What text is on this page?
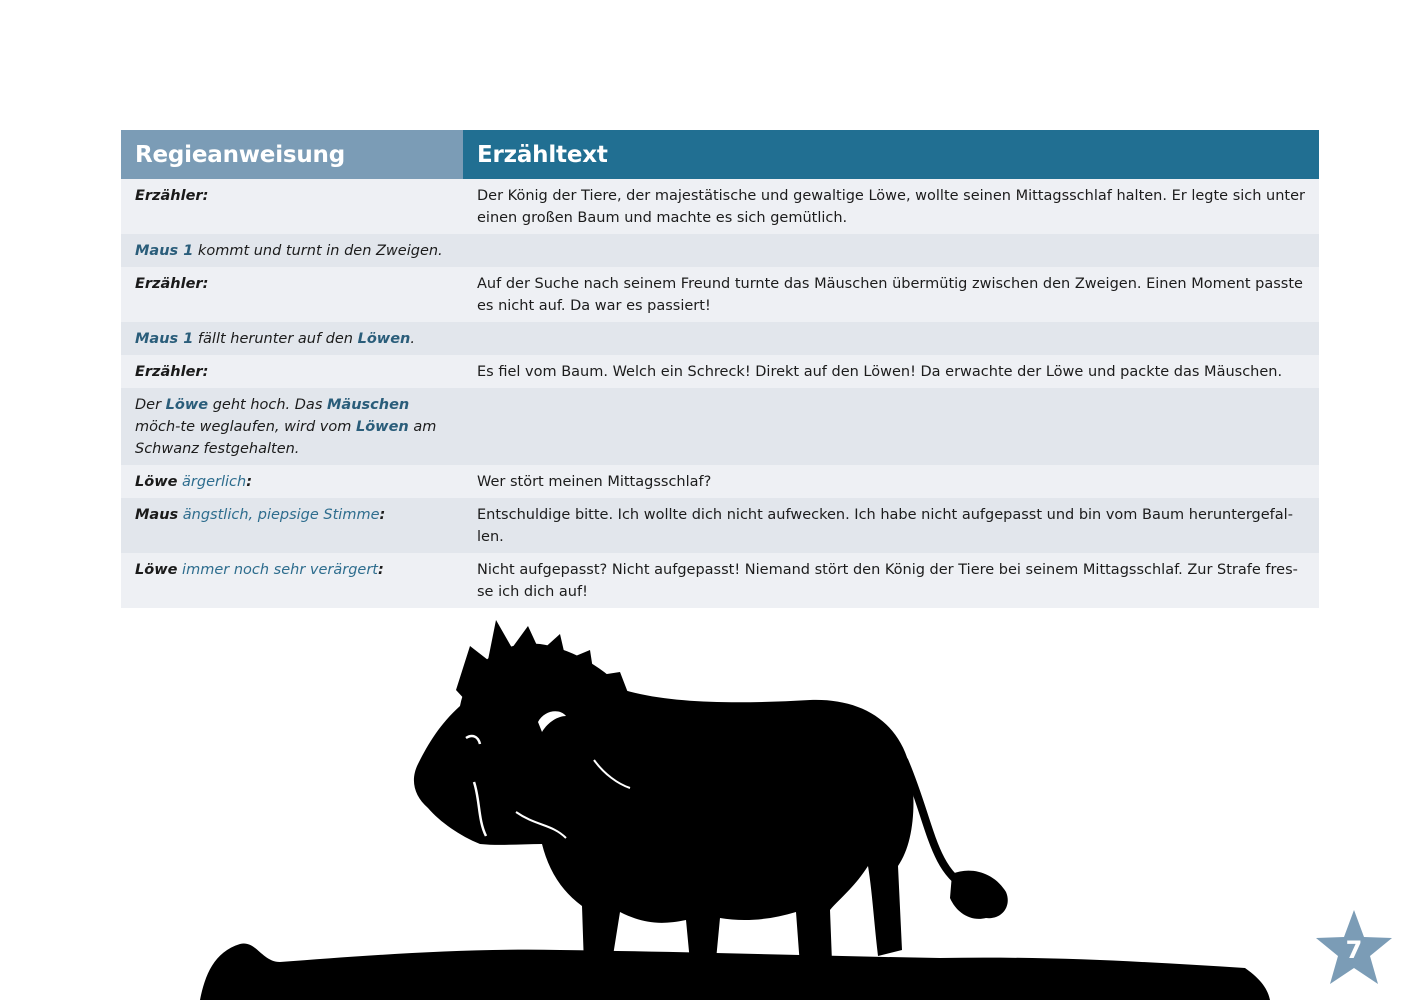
Regieanweisung	Erzähltext
Erzähler:	Der König der Tiere, der majestätische und gewaltige Löwe, wollte seinen Mittagsschlaf halten. Er legte sich unter einen großen Baum und machte es sich gemütlich.
Maus 1 kommt und turnt in den Zweigen.	
Erzähler:	Auf der Suche nach seinem Freund turnte das Mäuschen übermütig zwischen den Zweigen. Einen Moment passte es nicht auf. Da war es passiert!
Maus 1 fällt herunter auf den Löwen.	
Erzähler:	Es fiel vom Baum. Welch ein Schreck! Direkt auf den Löwen! Da erwachte der Löwe und packte das Mäuschen.
Der Löwe geht hoch. Das Mäuschen möch-te weglaufen, wird vom Löwen am Schwanz festgehalten.	
Löwe ärgerlich:	Wer stört meinen Mittagsschlaf?
Maus ängstlich, piepsige Stimme:	Entschuldige bitte. Ich wollte dich nicht aufwecken. Ich habe nicht aufgepasst und bin vom Baum heruntergefal-len.
Löwe immer noch sehr verärgert:	Nicht aufgepasst? Nicht aufgepasst! Niemand stört den König der Tiere bei seinem Mittagsschlaf. Zur Strafe fres-se ich dich auf!
7
